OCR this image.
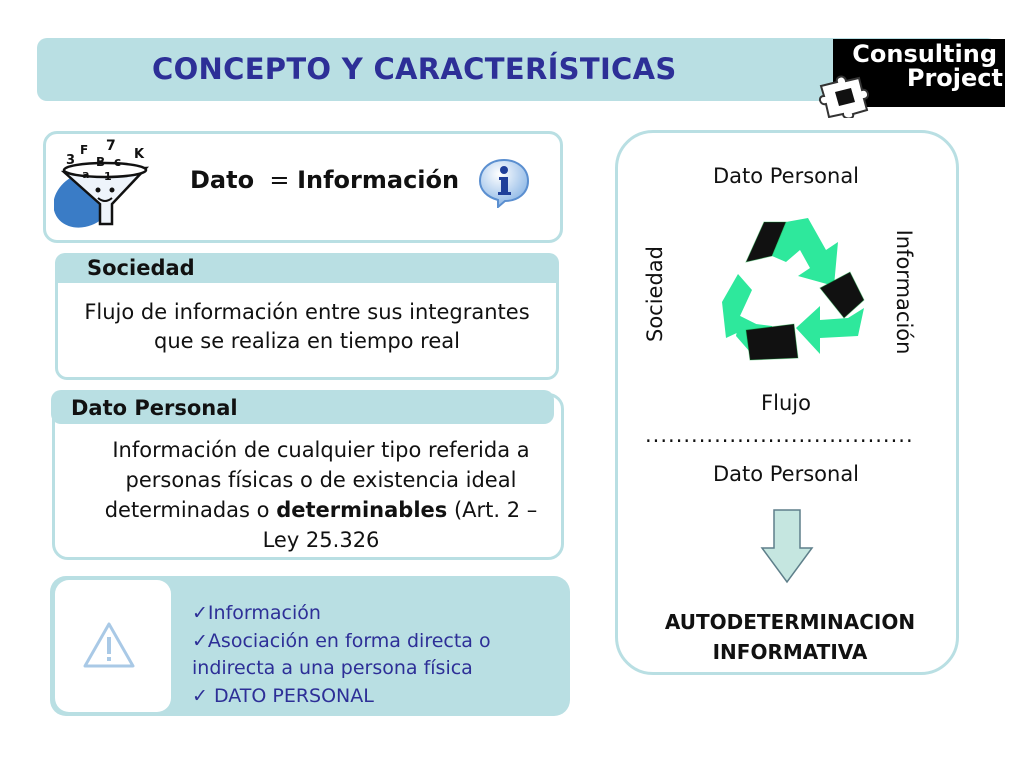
CONCEPTO Y CARACTERÍSTICAS	Consulting
Project
3
F 7
K
B c
a 1	Dato = Información
Sociedad
Flujo de información entre sus integrantes
que se realiza en tiempo real
Dato Personal
Información de cualquier tipo referida a
personas físicas o de existencia ideal
determinadas o determinables (Art. 2 –
Ley 25.326
✓Información
✓Asociación en forma directa o
indirecta a una persona física
✓ DATO PERSONAL
Dato Personal
Sociedad	Información
Flujo
...................................
Dato Personal
AUTODETERMINACION
INFORMATIVA
